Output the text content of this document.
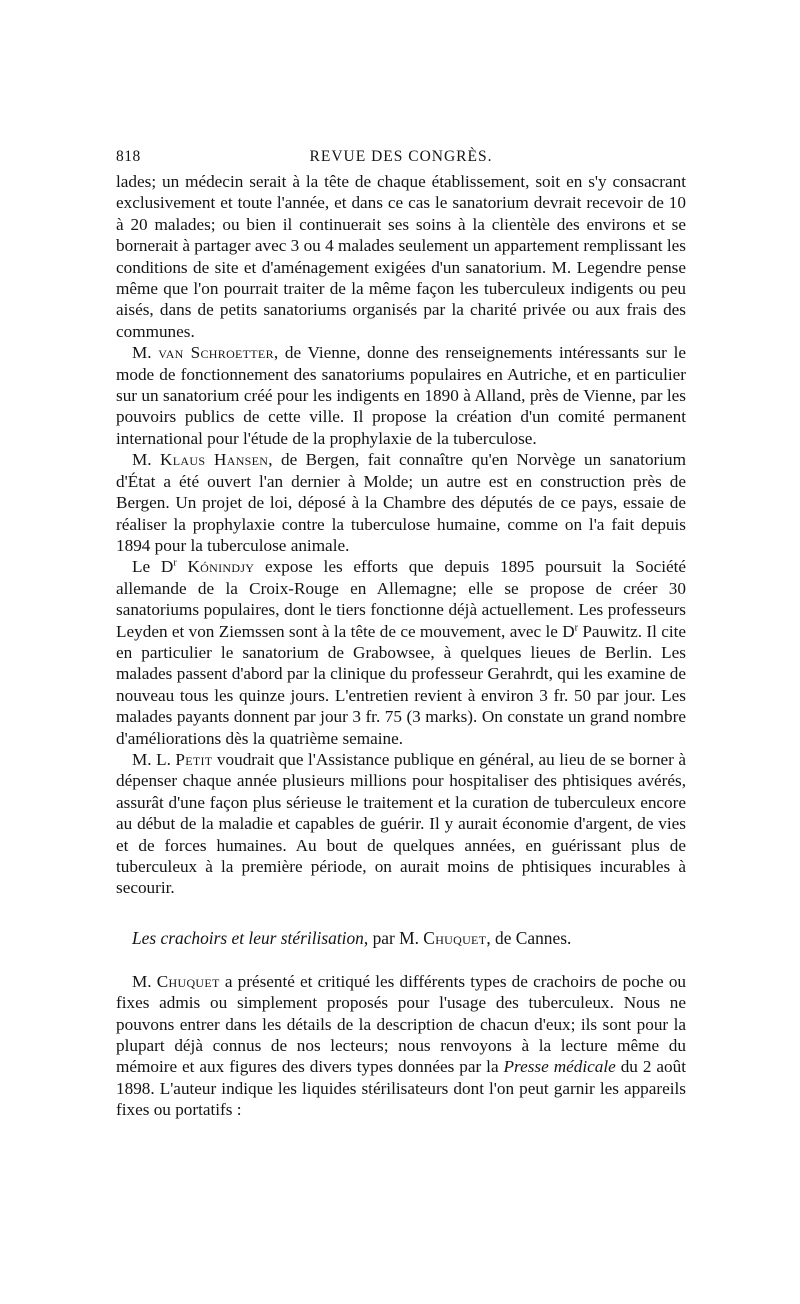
818	REVUE DES CONGRÈS.

lades; un médecin serait à la tête de chaque établissement, soit en s'y consacrant exclusivement et toute l'année, et dans ce cas le sanatorium devrait recevoir de 10 à 20 malades; ou bien il continuerait ses soins à la clientèle des environs et se bornerait à partager avec 3 ou 4 malades seulement un appartement remplissant les conditions de site et d'aménagement exigées d'un sanatorium. M. Legendre pense même que l'on pourrait traiter de la même façon les tuberculeux indigents ou peu aisés, dans de petits sanatoriums organisés par la charité privée ou aux frais des communes.

M. van Schroetter, de Vienne, donne des renseignements intéressants sur le mode de fonctionnement des sanatoriums populaires en Autriche, et en particulier sur un sanatorium créé pour les indigents en 1890 à Alland, près de Vienne, par les pouvoirs publics de cette ville. Il propose la création d'un comité permanent international pour l'étude de la prophylaxie de la tuberculose.

M. Klaus Hansen, de Bergen, fait connaître qu'en Norvège un sanatorium d'État a été ouvert l'an dernier à Molde; un autre est en construction près de Bergen. Un projet de loi, déposé à la Chambre des députés de ce pays, essaie de réaliser la prophylaxie contre la tuberculose humaine, comme on l'a fait depuis 1894 pour la tuberculose animale.

Le $D^r$ Kónindjy expose les efforts que depuis 1895 poursuit la Société allemande de la Croix-Rouge en Allemagne; elle se propose de créer 30 sanatoriums populaires, dont le tiers fonctionne déjà actuellement. Les professeurs Leyden et von Ziemssen sont à la tête de ce mouvement, avec le $D^r$ Pauwitz. Il cite en particulier le sanatorium de Grabowsee, à quelques lieues de Berlin. Les malades passent d'abord par la clinique du professeur Gerahrdt, qui les examine de nouveau tous les quinze jours. L'entretien revient à environ 3 fr. 50 par jour. Les malades payants donnent par jour 3 fr. 75 (3 marks). On constate un grand nombre d'améliorations dès la quatrième semaine.

M. L. Petit voudrait que l'Assistance publique en général, au lieu de se borner à dépenser chaque année plusieurs millions pour hospitaliser des phtisiques avérés, assurât d'une façon plus sérieuse le traitement et la curation de tuberculeux encore au début de la maladie et capables de guérir. Il y aurait économie d'argent, de vies et de forces humaines. Au bout de quelques années, en guérissant plus de tuberculeux à la première période, on aurait moins de phtisiques incurables à secourir.

Les crachoirs et leur stérilisation, par M. Chuquet, de Cannes.

M. Chuquet a présenté et critiqué les différents types de crachoirs de poche ou fixes admis ou simplement proposés pour l'usage des tuberculeux. Nous ne pouvons entrer dans les détails de la description de chacun d'eux; ils sont pour la plupart déjà connus de nos lecteurs; nous renvoyons à la lecture même du mémoire et aux figures des divers types données par la Presse médicale du 2 août 1898. L'auteur indique les liquides stérilisateurs dont l'on peut garnir les appareils fixes ou portatifs :
